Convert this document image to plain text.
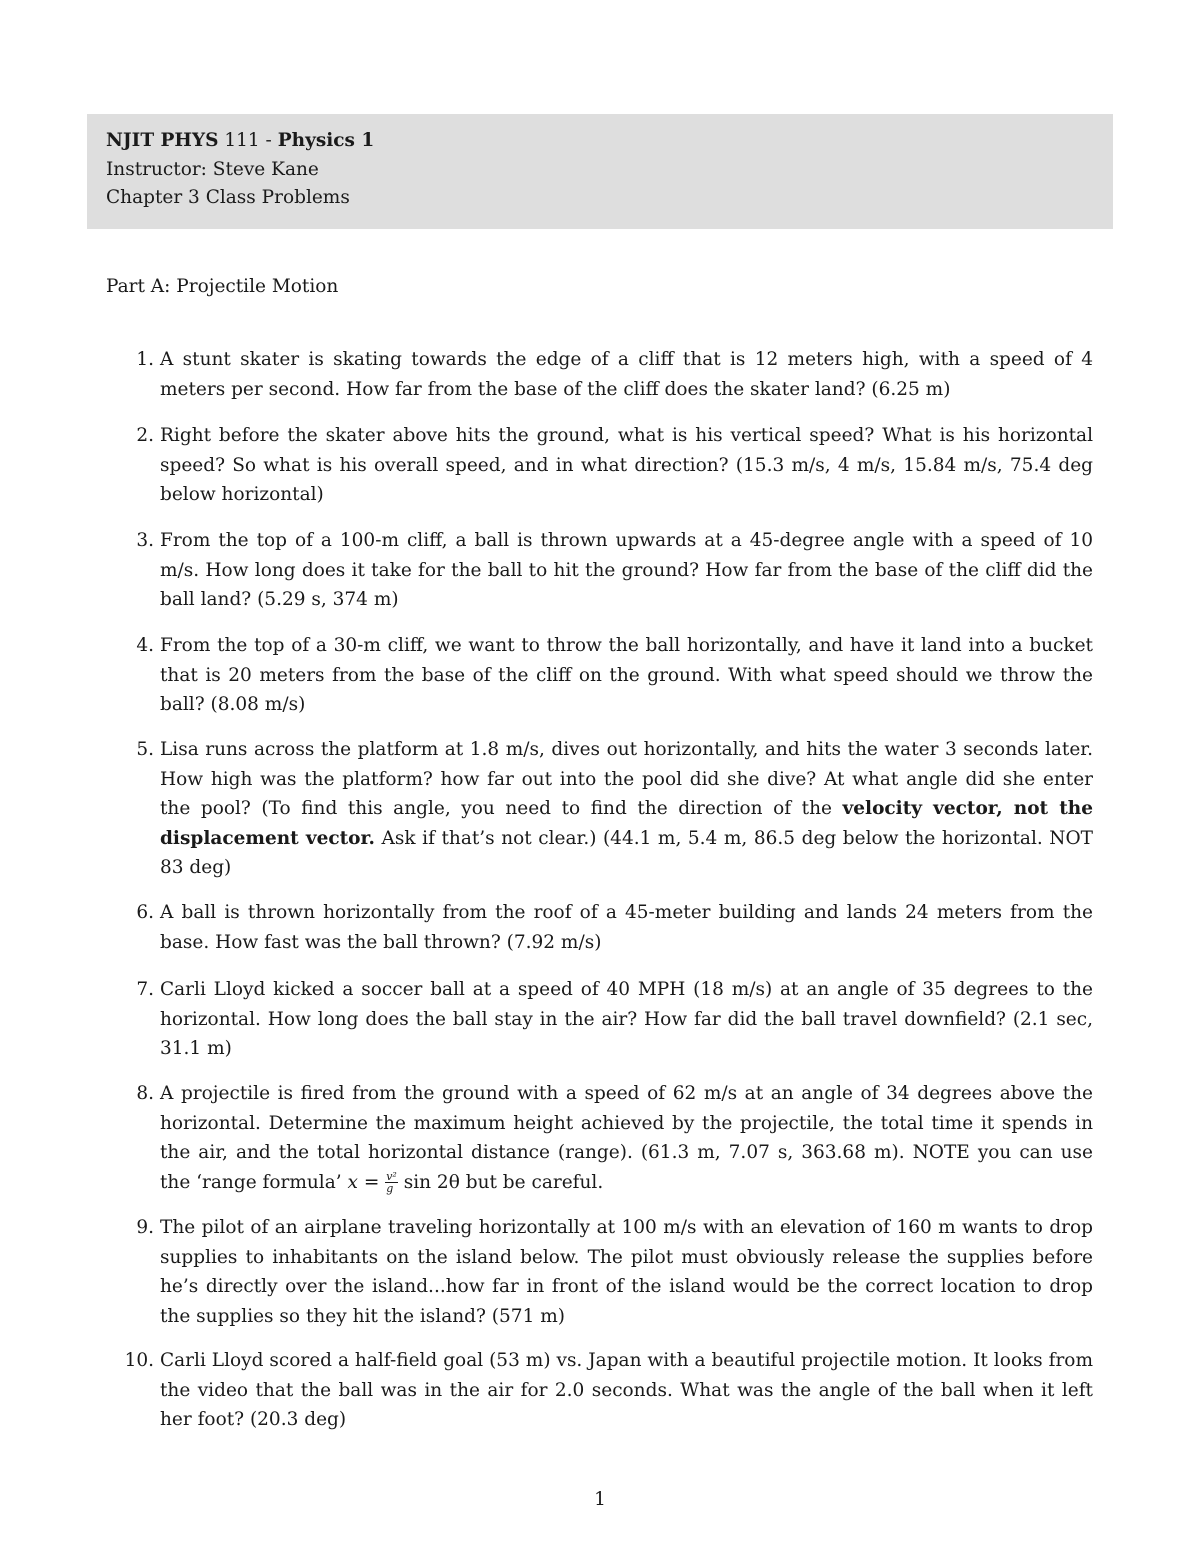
NJIT PHYS 111 - Physics 1
Instructor: Steve Kane
Chapter 3 Class Problems
Part A: Projectile Motion
1. A stunt skater is skating towards the edge of a cliff that is 12 meters high, with a speed of 4 meters per second. How far from the base of the cliff does the skater land? (6.25 m)
2. Right before the skater above hits the ground, what is his vertical speed? What is his horizontal speed? So what is his overall speed, and in what direction? (15.3 m/s, 4 m/s, 15.84 m/s, 75.4 deg below horizontal)
3. From the top of a 100-m cliff, a ball is thrown upwards at a 45-degree angle with a speed of 10 m/s. How long does it take for the ball to hit the ground? How far from the base of the cliff did the ball land? (5.29 s, 374 m)
4. From the top of a 30-m cliff, we want to throw the ball horizontally, and have it land into a bucket that is 20 meters from the base of the cliff on the ground. With what speed should we throw the ball? (8.08 m/s)
5. Lisa runs across the platform at 1.8 m/s, dives out horizontally, and hits the water 3 seconds later. How high was the platform? how far out into the pool did she dive? At what angle did she enter the pool? (To find this angle, you need to find the direction of the velocity vector, not the displacement vector. Ask if that’s not clear.) (44.1 m, 5.4 m, 86.5 deg below the horizontal. NOT 83 deg)
6. A ball is thrown horizontally from the roof of a 45-meter building and lands 24 meters from the base. How fast was the ball thrown? (7.92 m/s)
7. Carli Lloyd kicked a soccer ball at a speed of 40 MPH (18 m/s) at an angle of 35 degrees to the horizontal. How long does the ball stay in the air? How far did the ball travel downfield? (2.1 sec, 31.1 m)
8. A projectile is fired from the ground with a speed of 62 m/s at an angle of 34 degrees above the horizontal. Determine the maximum height achieved by the projectile, the total time it spends in the air, and the total horizontal distance (range). (61.3 m, 7.07 s, 363.68 m). NOTE you can use the ‘range formula’ $x = \frac{\text{v²}}{g}$ sin 2θ but be careful.
9. The pilot of an airplane traveling horizontally at 100 m/s with an elevation of 160 m wants to drop supplies to inhabitants on the island below. The pilot must obviously release the supplies before he’s directly over the island...how far in front of the island would be the correct location to drop the supplies so they hit the island? (571 m)
10. Carli Lloyd scored a half-field goal (53 m) vs. Japan with a beautiful projectile motion. It looks from the video that the ball was in the air for 2.0 seconds. What was the angle of the ball when it left her foot? (20.3 deg)
1
